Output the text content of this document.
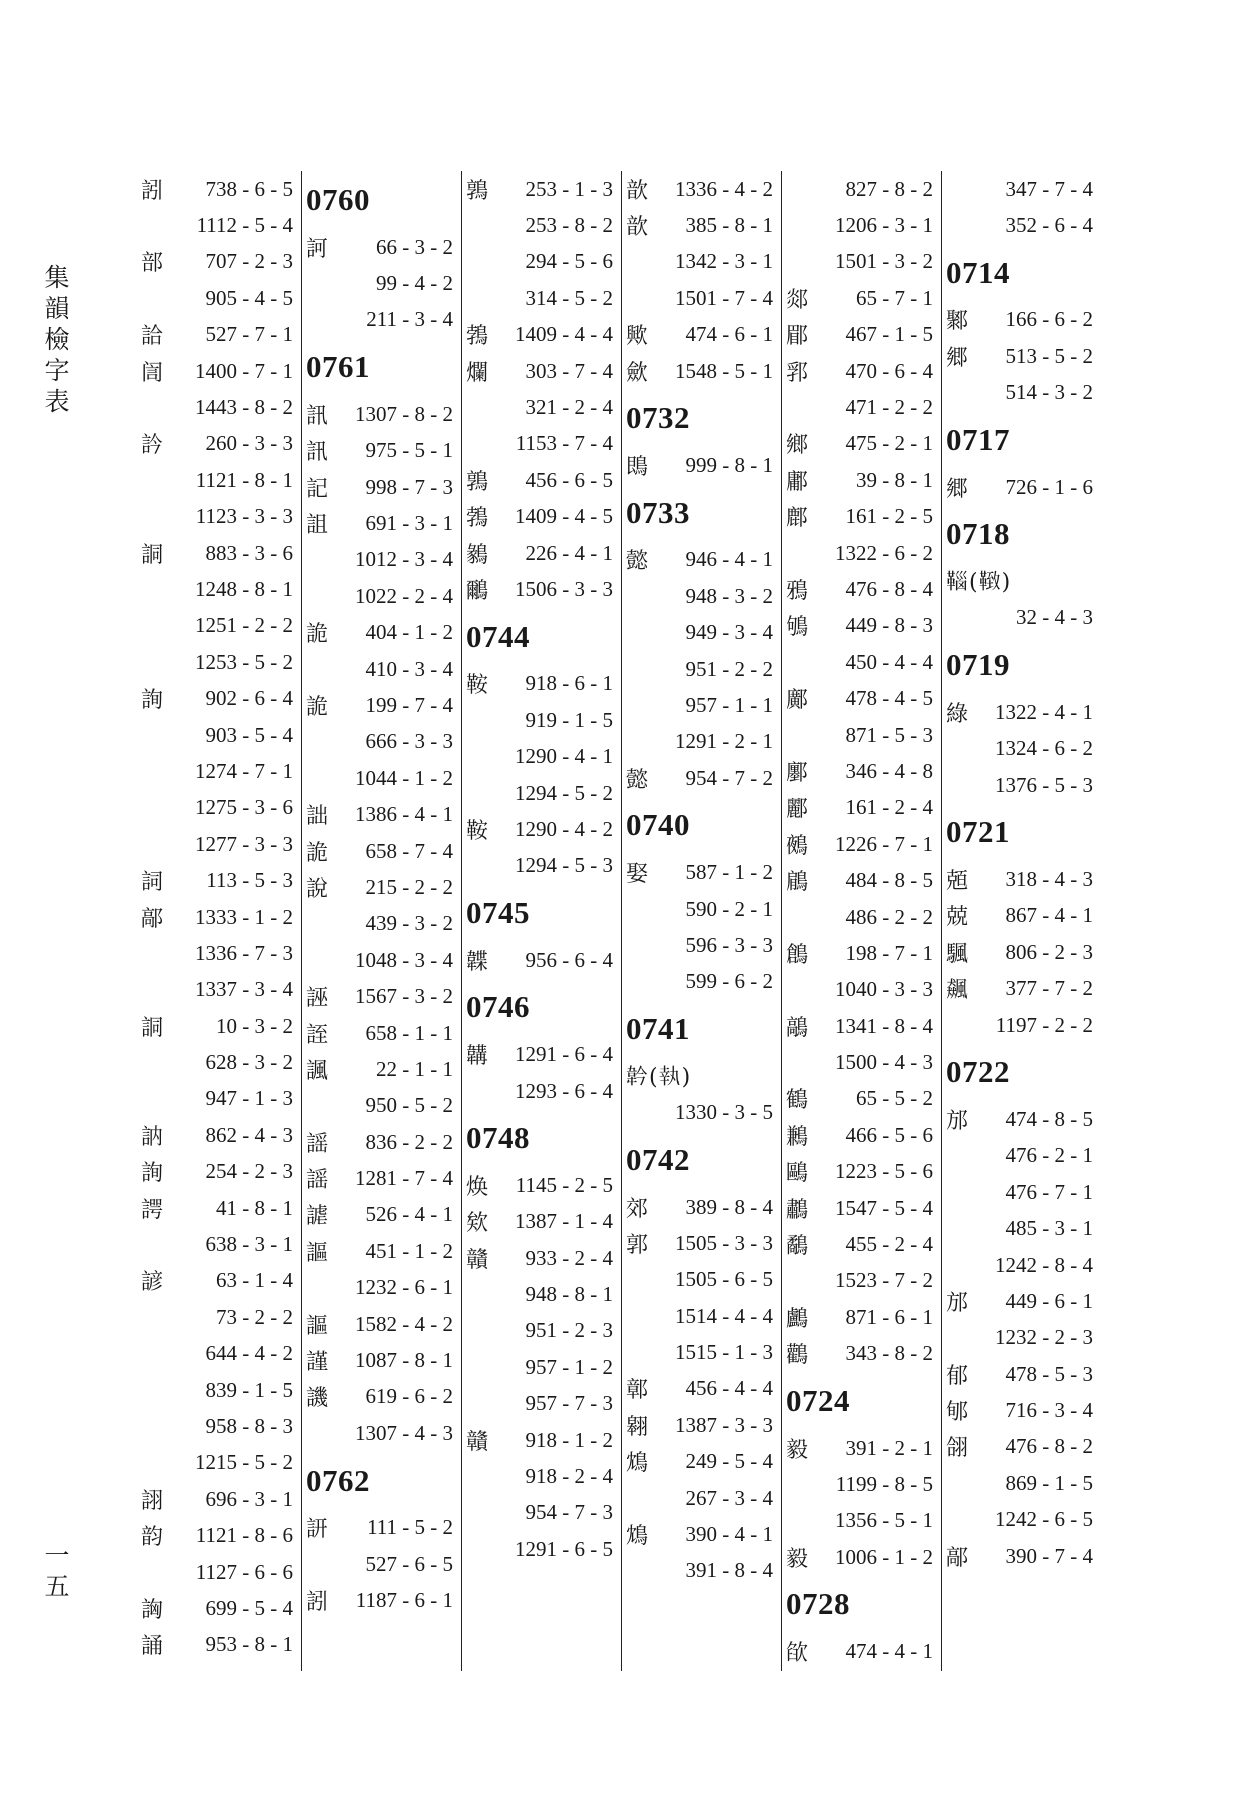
集
韻
檢
字
表
訠	738 - 6 - 5
1112 - 5 - 4
部	707 - 2 - 3
905 - 4 - 5
詥	527 - 7 - 1
訚	1400 - 7 - 1
1443 - 8 - 2
訡	260 - 3 - 3
1121 - 8 - 1
1123 - 3 - 3
詷	883 - 3 - 6
1248 - 8 - 1
1251 - 2 - 2
1253 - 5 - 2
詢	902 - 6 - 4
903 - 5 - 4
1274 - 7 - 1
1275 - 3 - 6
1277 - 3 - 3
詞	113 - 5 - 3
鄗	1333 - 1 - 2
1336 - 7 - 3
1337 - 3 - 4
詷	10 - 3 - 2
628 - 3 - 2
947 - 1 - 3
訥	862 - 4 - 3
詢	254 - 2 - 3
諤	41 - 8 - 1
638 - 3 - 1
諺	63 - 1 - 4
73 - 2 - 2
644 - 4 - 2
839 - 1 - 5
958 - 8 - 3
1215 - 5 - 2
詡	696 - 3 - 1
韵	1121 - 8 - 6
1127 - 6 - 6
詾	699 - 5 - 4
誦	953 - 8 - 1
0760
訶	66 - 3 - 2
99 - 4 - 2
211 - 3 - 4
0761
訊	1307 - 8 - 2
訊	975 - 5 - 1
記	998 - 7 - 3
詛	691 - 3 - 1
1012 - 3 - 4
1022 - 2 - 4
詭	404 - 1 - 2
410 - 3 - 4
詭	199 - 7 - 4
666 - 3 - 3
1044 - 1 - 2
詘	1386 - 4 - 1
詭	658 - 7 - 4
說	215 - 2 - 2
439 - 3 - 2
1048 - 3 - 4
誣	1567 - 3 - 2
誈	658 - 1 - 1
諷	22 - 1 - 1
950 - 5 - 2
謡	836 - 2 - 2
謡	1281 - 7 - 4
謔	526 - 4 - 1
謳	451 - 1 - 2
1232 - 6 - 1
謳	1582 - 4 - 2
謹	1087 - 8 - 1
譏	619 - 6 - 2
1307 - 4 - 3
0762
訮	111 - 5 - 2
527 - 6 - 5
訠	1187 - 6 - 1
鶉	253 - 1 - 3
253 - 8 - 2
294 - 5 - 6
314 - 5 - 2
鵓	1409 - 4 - 4
爛	303 - 7 - 4
321 - 2 - 4
1153 - 7 - 4
鶉	456 - 6 - 5
鵓	1409 - 4 - 5
鶨	226 - 4 - 1
鸍	1506 - 3 - 3
0744
鞍	918 - 6 - 1
919 - 1 - 5
1290 - 4 - 1
1294 - 5 - 2
鞍	1290 - 4 - 2
1294 - 5 - 3
0745
韘	956 - 6 - 4
0746
韝	1291 - 6 - 4
1293 - 6 - 4
0748
焕	1145 - 2 - 5
欸	1387 - 1 - 4
贛	933 - 2 - 4
948 - 8 - 1
951 - 2 - 3
957 - 1 - 2
957 - 7 - 3
贛	918 - 1 - 2
918 - 2 - 4
954 - 7 - 3
1291 - 6 - 5
歆	1336 - 4 - 2
歆	385 - 8 - 1
1342 - 3 - 1
1501 - 7 - 4
歟	474 - 6 - 1
歛	1548 - 5 - 1
0732
鵖	999 - 8 - 1
0733
懿	946 - 4 - 1
948 - 3 - 2
949 - 3 - 4
951 - 2 - 2
957 - 1 - 1
1291 - 2 - 1
懿	954 - 7 - 2
0740
娶	587 - 1 - 2
590 - 2 - 1
596 - 3 - 3
599 - 6 - 2
0741
𩎖(執)
1330 - 3 - 5
0742
郊	389 - 8 - 4
郭	1505 - 3 - 3
1505 - 6 - 5
1514 - 4 - 4
1515 - 1 - 3
鄣	456 - 4 - 4
翱	1387 - 3 - 3
鴆	249 - 5 - 4
267 - 3 - 4
鴆	390 - 4 - 1
391 - 8 - 4
827 - 8 - 2
1206 - 3 - 1
1501 - 3 - 2
郯	65 - 7 - 1
郿	467 - 1 - 5
郛	470 - 6 - 4
471 - 2 - 2
鄉	475 - 2 - 1
鄘	39 - 8 - 1
鄜	161 - 2 - 5
1322 - 6 - 2
鴉	476 - 8 - 4
鴝	449 - 8 - 3
450 - 4 - 4
鄺	478 - 4 - 5
871 - 5 - 3
鄽	346 - 4 - 8
酈	161 - 2 - 4
鵺	1226 - 7 - 1
鵳	484 - 8 - 5
486 - 2 - 2
鶬	198 - 7 - 1
1040 - 3 - 3
鶮	1341 - 8 - 4
1500 - 4 - 3
鶴	65 - 5 - 2
鶼	466 - 5 - 6
鷗	1223 - 5 - 6
鷫	1547 - 5 - 4
鷸	455 - 2 - 4
1523 - 7 - 2
鸕	871 - 6 - 1
鸛	343 - 8 - 2
0724
毅	391 - 2 - 1
1199 - 8 - 5
1356 - 5 - 1
毅	1006 - 1 - 2
0728
欿	474 - 4 - 1
347 - 7 - 4
352 - 6 - 4
0714
鄹	166 - 6 - 2
郷	513 - 5 - 2
514 - 3 - 2
0717
郷	726 - 1 - 6
0718
𩋈(𩋩)
32 - 4 - 3
0719
綠	1322 - 4 - 1
1324 - 6 - 2
1376 - 5 - 3
0721
兡	318 - 4 - 3
兢	867 - 4 - 1
颿	806 - 2 - 3
飆	377 - 7 - 2
1197 - 2 - 2
0722
邡	474 - 8 - 5
476 - 2 - 1
476 - 7 - 1
485 - 3 - 1
1242 - 8 - 4
邡	449 - 6 - 1
1232 - 2 - 3
郁	478 - 5 - 3
郇	716 - 3 - 4
翖	476 - 8 - 2
869 - 1 - 5
1242 - 6 - 5
鄗	390 - 7 - 4
一
五
